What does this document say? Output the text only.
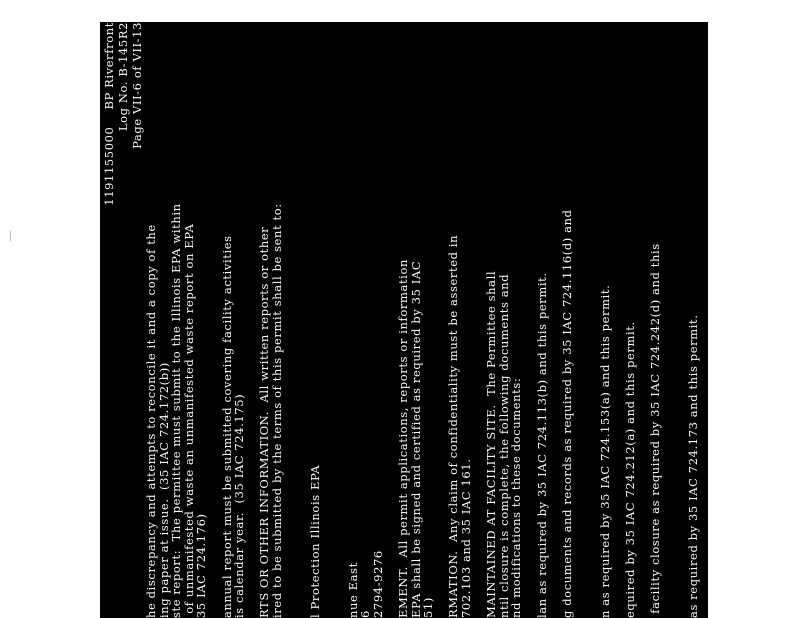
1191155000    BP Riverfront Log No. B-145R2 Page VII-6 of VII-13
he discrepancy and attempts to reconcile it and a copy of the
ing paper at issue.  (35 IAC 724.172(b))
ste report:  The permittee must submit to the Illinois EPA within
of unmanifested waste an unmanifested waste report on EPA
35 IAC 724.176) annual report must be submitted covering facility activities
is calendar year.  (35 IAC 724.175) RTS OR OTHER INFORMATION.  All written reports or other
ired to be submitted by the terms of this permit shall be sent to: l Protection Illinois EPA nue East
6
2794-9276 EMENT.  All permit applications, reports or information
EPA shall be signed and certified as required by 35 IAC
51) RMATION.  Any claim of confidentiality must be asserted in
702.103 and 35 IAC 161. MAINTAINED AT FACILITY SITE.  The Permittee shall
ntil closure is complete, the following documents and
nd modifications to these documents: lan as required by 35 IAC 724.113(b) and this permit. g documents and records as required by 35 IAC 724.116(d) and n as required by 35 IAC 724.153(a) and this permit. equired by 35 IAC 724.212(a) and this permit. facility closure as required by 35 IAC 724.242(d) and this as required by 35 IAC 724.173 and this permit. dies as required by 35 IAC 724.115(b) and this permit.
